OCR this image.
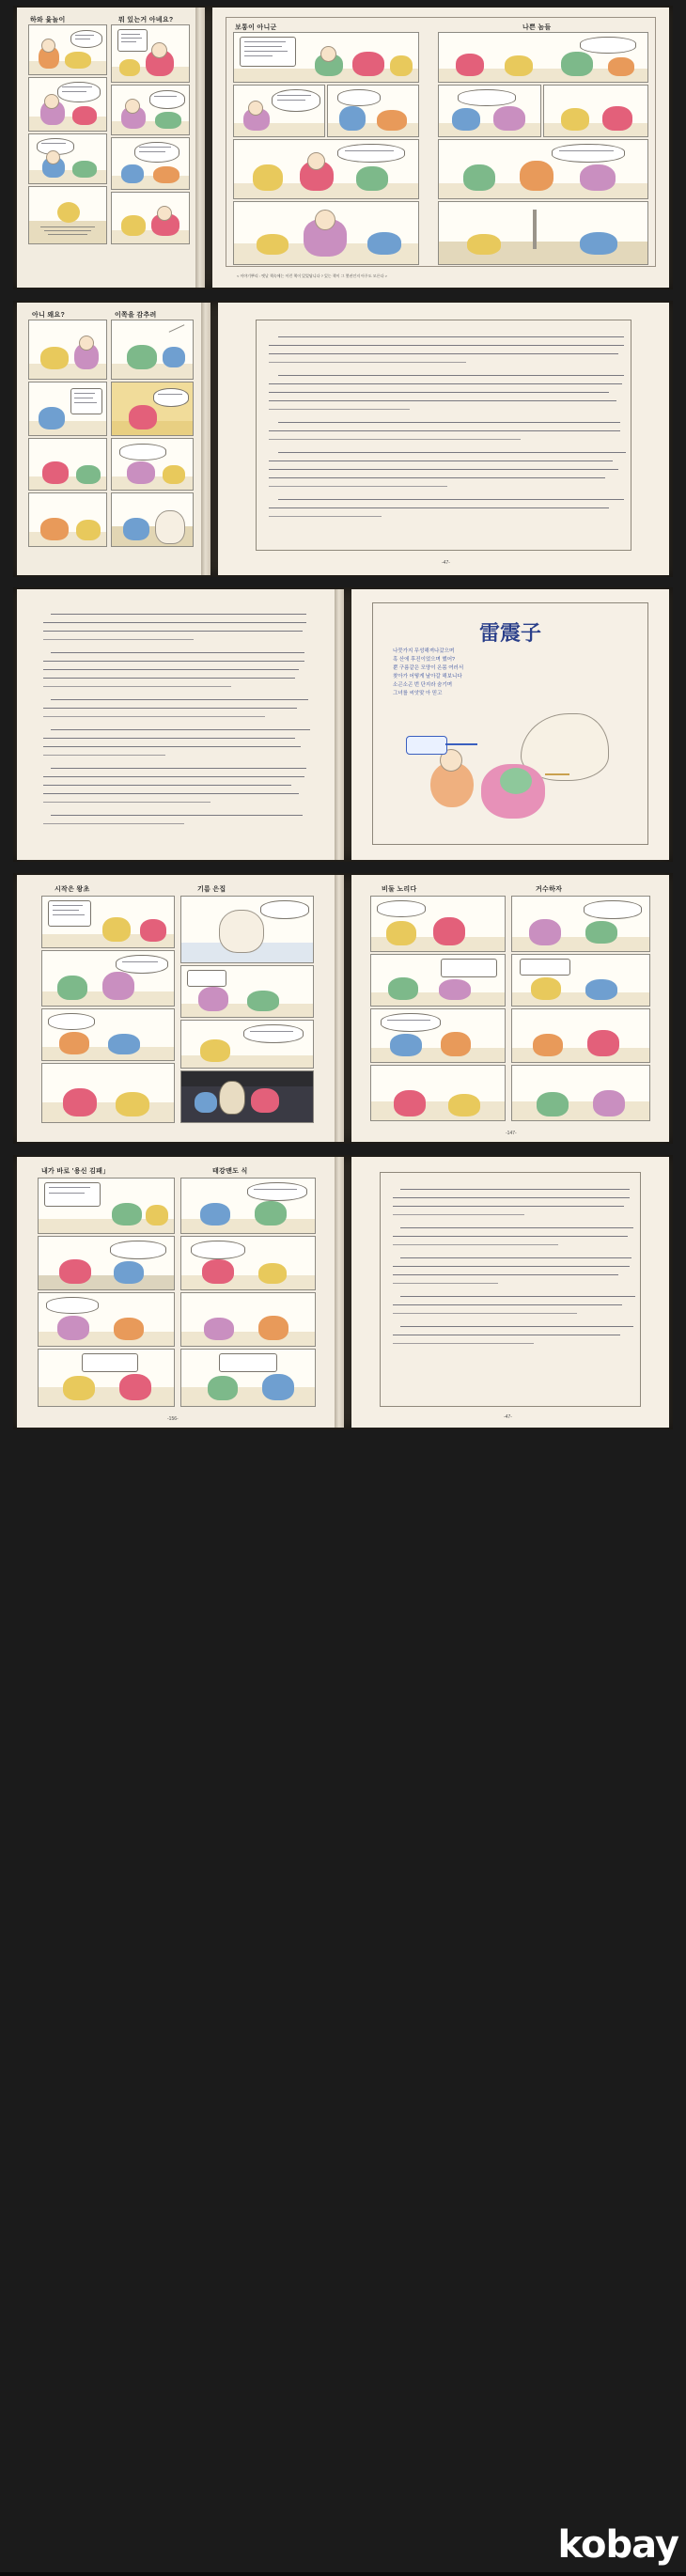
하와 윷놀이	뭐 있는거 아녜요?
보통이 아니군	나쁜 놈들
< 이야기뿌리 : 옛날 책속에는 이런 책이 있었답니다 ? 있는 책이 그 몇권인지 아무도 모른다 >
아니 왜요?	이쪽을 감추려
-47-
雷震子
나뭇가지 무성해져나갔으며
혹 산에 후진이었으며 했어?
뿐 구름같은 모양이 온몸 여러서
찾아가 어떻게 날아갈 해보니다
소곤소곤 번 단지라 숨기며
그녀를 씨앗맞 아 믿고
시작은 왕초	기름 은집	비둘 노리다	거수하자
-147-
내가 바로 '용신 김패」	태강맨도 식
-156-	-47-
kobay
